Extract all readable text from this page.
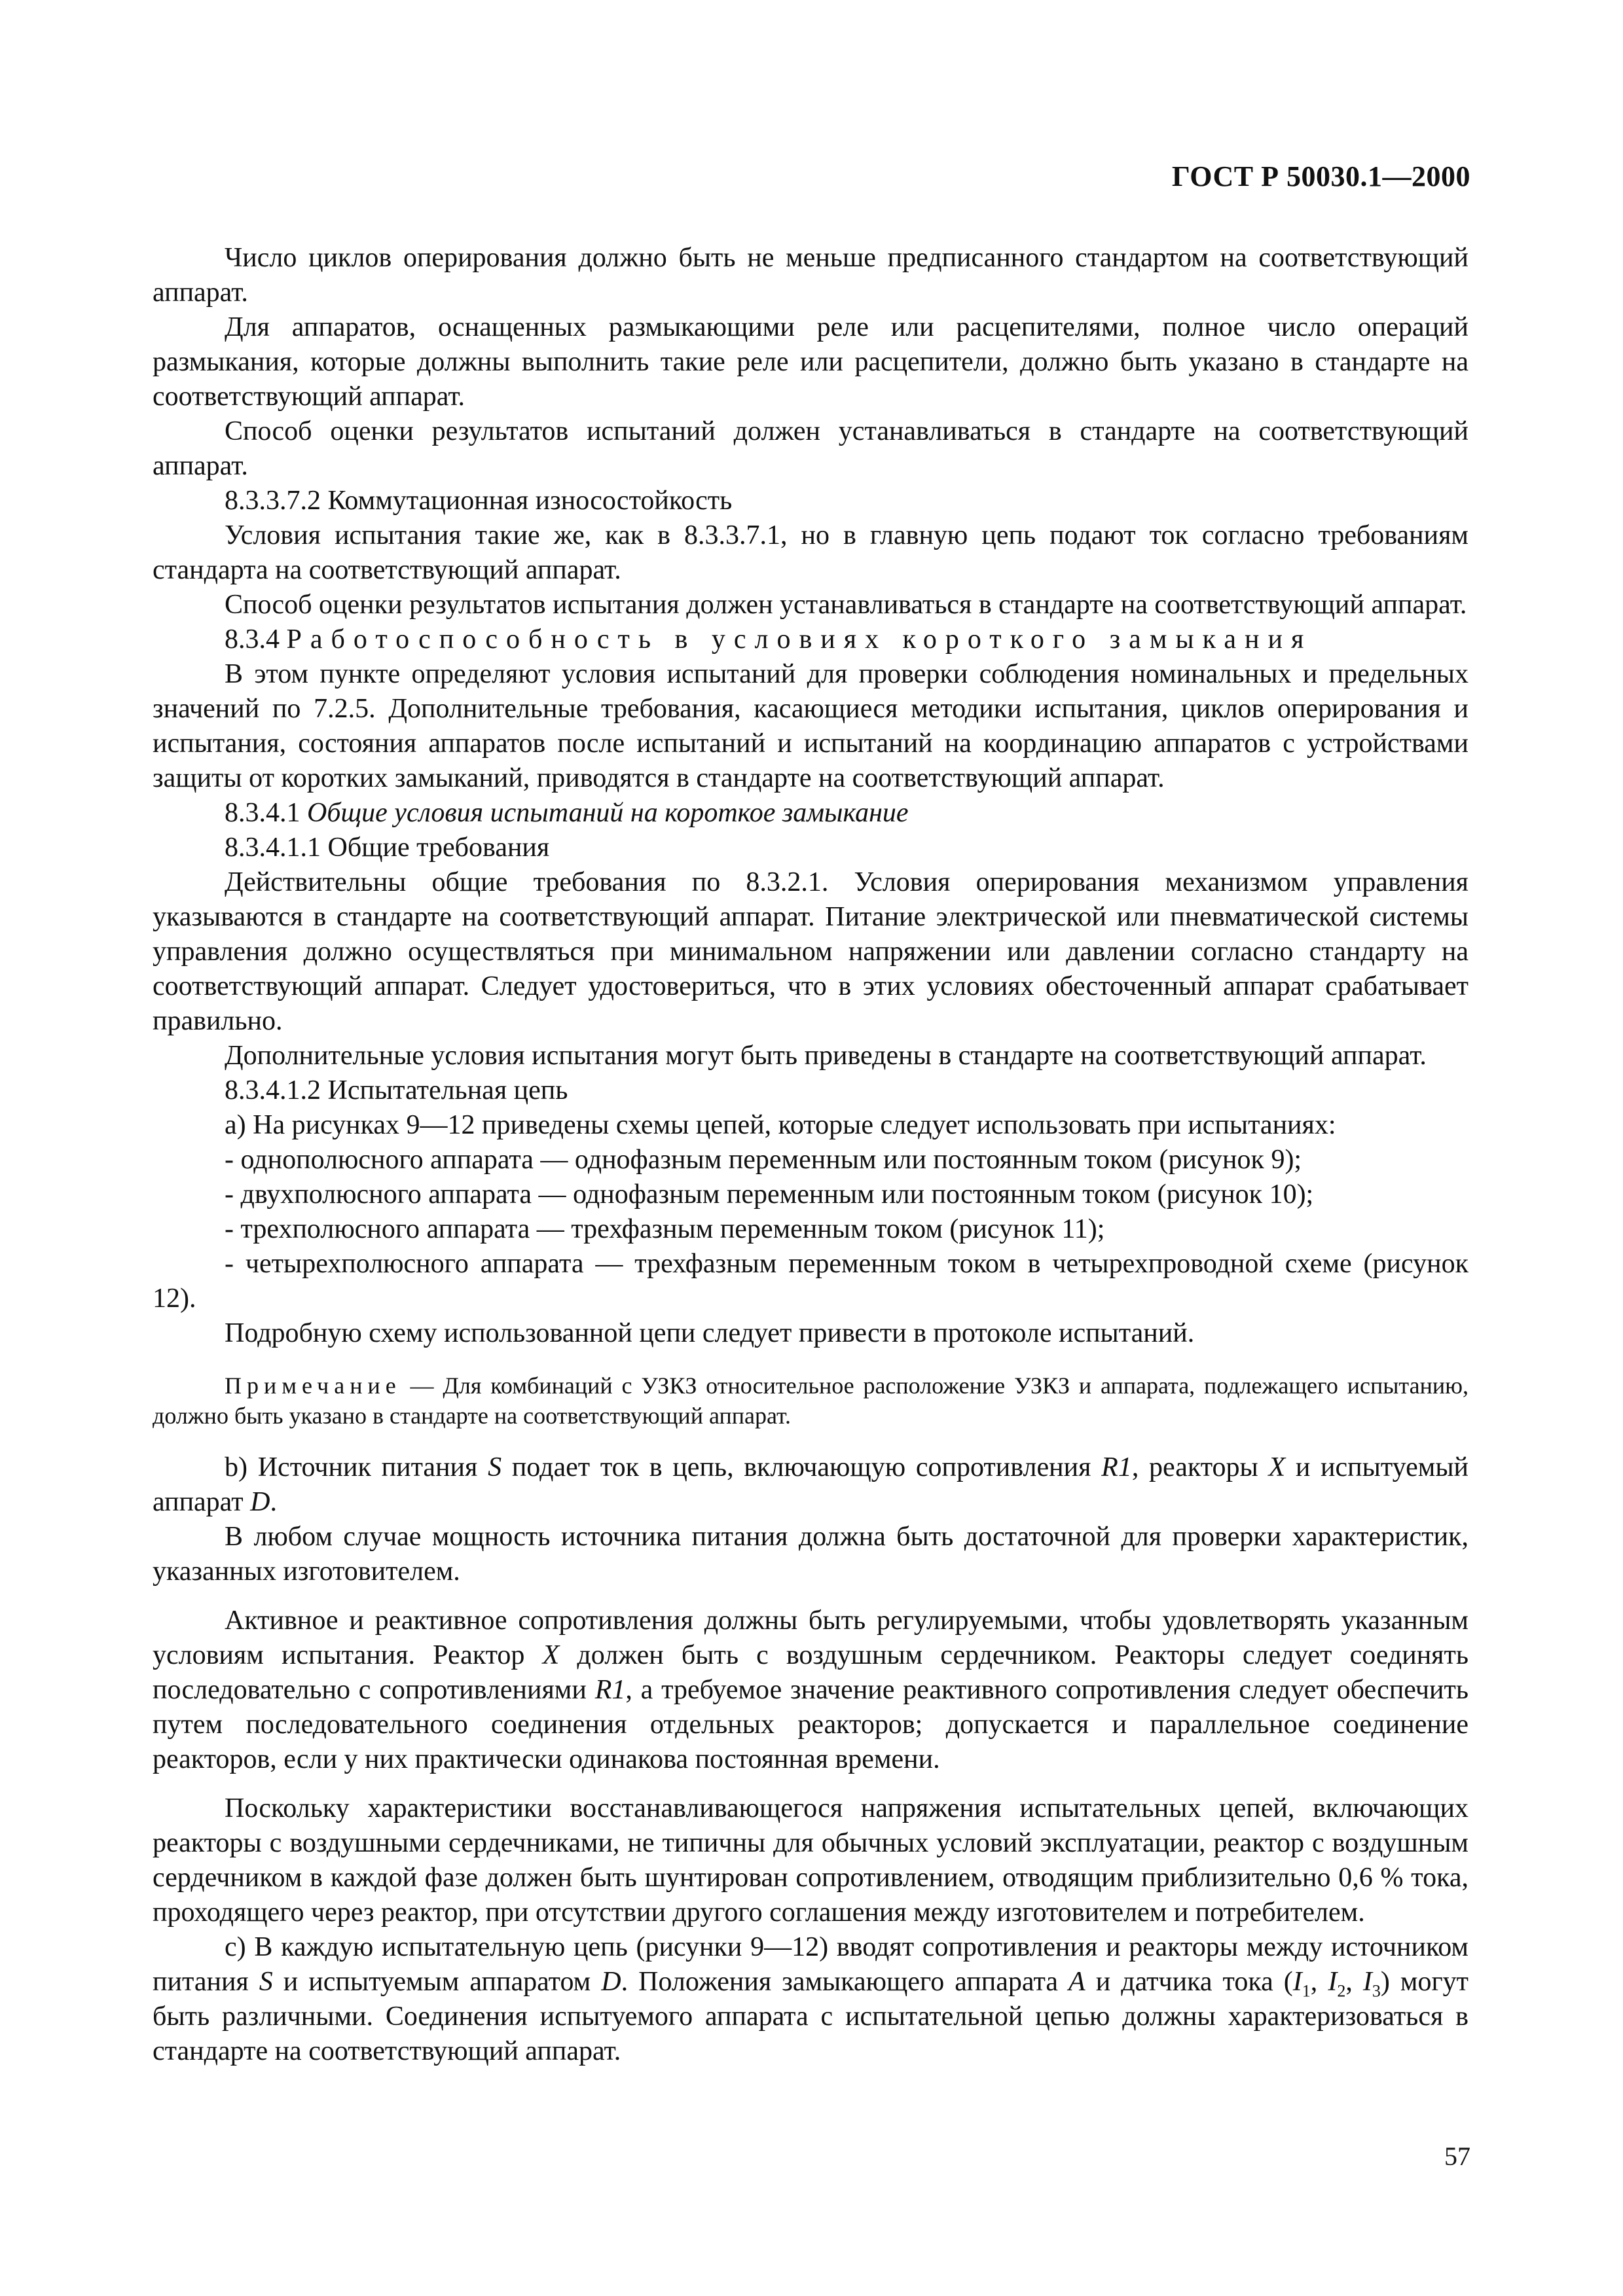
ГОСТ Р 50030.1—2000

Число циклов оперирования должно быть не меньше предписанного стандартом на соответствующий аппарат.

Для аппаратов, оснащенных размыкающими реле или расцепителями, полное число операций размыкания, которые должны выполнить такие реле или расцепители, должно быть указано в стандарте на соответствующий аппарат.

Способ оценки результатов испытаний должен устанавливаться в стандарте на соответствующий аппарат.

8.3.3.7.2 Коммутационная износостойкость

Условия испытания такие же, как в 8.3.3.7.1, но в главную цепь подают ток согласно требованиям стандарта на соответствующий аппарат.

Способ оценки результатов испытания должен устанавливаться в стандарте на соответствующий аппарат.

8.3.4 Работоспособность в условиях короткого замыкания

В этом пункте определяют условия испытаний для проверки соблюдения номинальных и предельных значений по 7.2.5. Дополнительные требования, касающиеся методики испытания, циклов оперирования и испытания, состояния аппаратов после испытаний и испытаний на координацию аппаратов с устройствами защиты от коротких замыканий, приводятся в стандарте на соответствующий аппарат.

8.3.4.1 Общие условия испытаний на короткое замыкание

8.3.4.1.1 Общие требования

Действительны общие требования по 8.3.2.1. Условия оперирования механизмом управления указываются в стандарте на соответствующий аппарат. Питание электрической или пневматической системы управления должно осуществляться при минимальном напряжении или давлении согласно стандарту на соответствующий аппарат. Следует удостовериться, что в этих условиях обесточенный аппарат срабатывает правильно.

Дополнительные условия испытания могут быть приведены в стандарте на соответствующий аппарат.

8.3.4.1.2 Испытательная цепь

а) На рисунках 9—12 приведены схемы цепей, которые следует использовать при испытаниях:

- однополюсного аппарата — однофазным переменным или постоянным током (рисунок 9);

- двухполюсного аппарата — однофазным переменным или постоянным током (рисунок 10);

- трехполюсного аппарата — трехфазным переменным током (рисунок 11);

- четырехполюсного аппарата — трехфазным переменным током в четырехпроводной схеме (рисунок 12).

Подробную схему использованной цепи следует привести в протоколе испытаний.

Примечание — Для комбинаций с УЗКЗ относительное расположение УЗКЗ и аппарата, подлежащего испытанию, должно быть указано в стандарте на соответствующий аппарат.

b) Источник питания S подает ток в цепь, включающую сопротивления R1, реакторы X и испытуемый аппарат D.

В любом случае мощность источника питания должна быть достаточной для проверки характеристик, указанных изготовителем.

Активное и реактивное сопротивления должны быть регулируемыми, чтобы удовлетворять указанным условиям испытания. Реактор X должен быть с воздушным сердечником. Реакторы следует соединять последовательно с сопротивлениями R1, а требуемое значение реактивного сопротивления следует обеспечить путем последовательного соединения отдельных реакторов; допускается и параллельное соединение реакторов, если у них практически одинакова постоянная времени.

Поскольку характеристики восстанавливающегося напряжения испытательных цепей, включающих реакторы с воздушными сердечниками, не типичны для обычных условий эксплуатации, реактор с воздушным сердечником в каждой фазе должен быть шунтирован сопротивлением, отводящим приблизительно 0,6 % тока, проходящего через реактор, при отсутствии другого соглашения между изготовителем и потребителем.

c) В каждую испытательную цепь (рисунки 9—12) вводят сопротивления и реакторы между источником питания S и испытуемым аппаратом D. Положения замыкающего аппарата A и датчика тока ($I_1$, $I_2$, $I_3$) могут быть различными. Соединения испытуемого аппарата с испытательной цепью должны характеризоваться в стандарте на соответствующий аппарат.

57
